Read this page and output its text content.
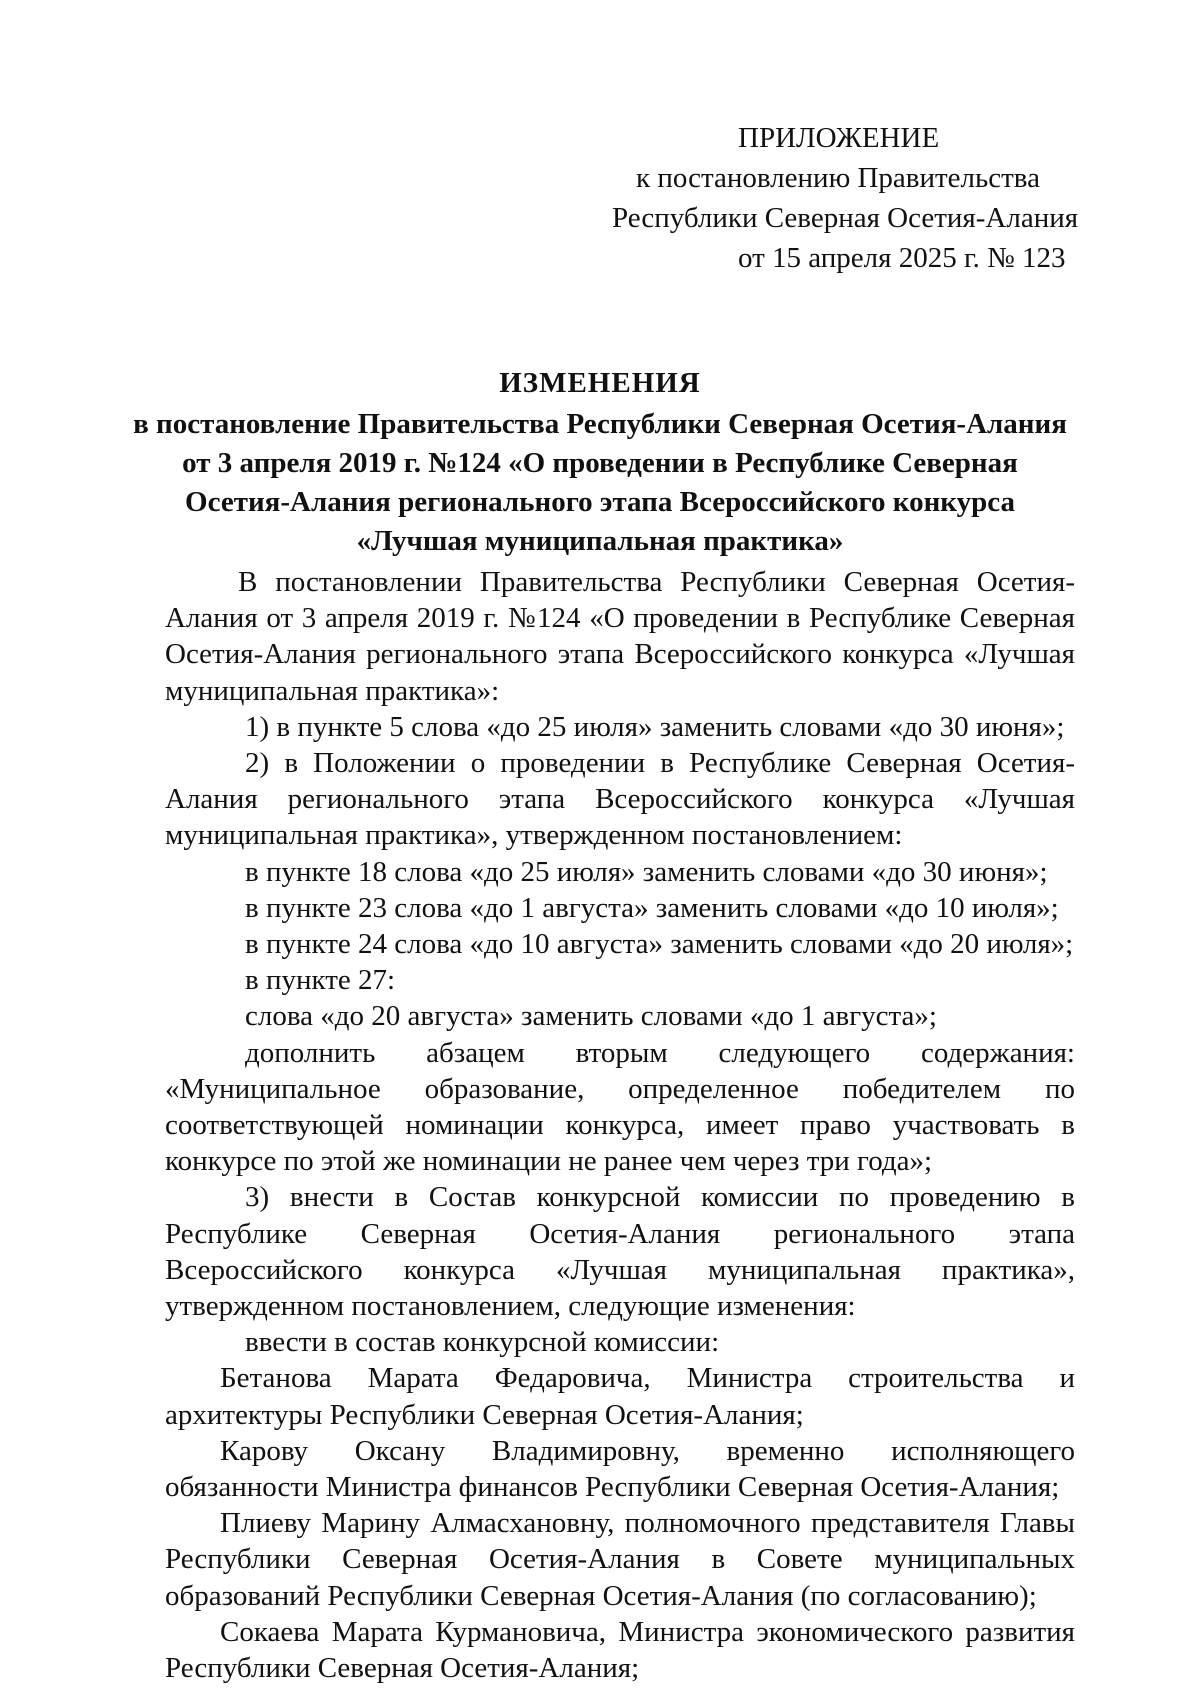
ПРИЛОЖЕНИЕ
к постановлению Правительства
Республики Северная Осетия-Алания
от 15 апреля 2025 г. № 123
ИЗМЕНЕНИЯ
в постановление Правительства Республики Северная Осетия-Алания
от 3 апреля 2019 г. №124 «О проведении в Республике Северная
Осетия-Алания регионального этапа Всероссийского конкурса
«Лучшая муниципальная практика»

В постановлении Правительства Республики Северная Осетия-Алания от 3 апреля 2019 г. №124 «О проведении в Республике Северная Осетия-Алания регионального этапа Всероссийского конкурса «Лучшая муниципальная практика»:

1) в пункте 5 слова «до 25 июля» заменить словами «до 30 июня»;

2) в Положении о проведении в Республике Северная Осетия-Алания регионального этапа Всероссийского конкурса «Лучшая муниципальная практика», утвержденном постановлением:

в пункте 18 слова «до 25 июля» заменить словами «до 30 июня»;

в пункте 23 слова «до 1 августа» заменить словами «до 10 июля»;

в пункте 24 слова «до 10 августа» заменить словами «до 20 июля»;

в пункте 27:

слова «до 20 августа» заменить словами «до 1 августа»;

дополнить абзацем вторым следующего содержания: «Муниципальное образование, определенное победителем по соответствующей номинации конкурса, имеет право участвовать в конкурсе по этой же номинации не ранее чем через три года»;

3) внести в Состав конкурсной комиссии по проведению в Республике Северная Осетия-Алания регионального этапа Всероссийского конкурса «Лучшая муниципальная практика», утвержденном постановлением, следующие изменения:

ввести в состав конкурсной комиссии:

Бетанова Марата Федаровича, Министра строительства и архитектуры Республики Северная Осетия-Алания;

Карову Оксану Владимировну, временно исполняющего обязанности Министра финансов Республики Северная Осетия-Алания;

Плиеву Марину Алмасхановну, полномочного представителя Главы Республики Северная Осетия-Алания в Совете муниципальных образований Республики Северная Осетия-Алания (по согласованию);

Сокаева Марата Курмановича, Министра экономического развития Республики Северная Осетия-Алания;
